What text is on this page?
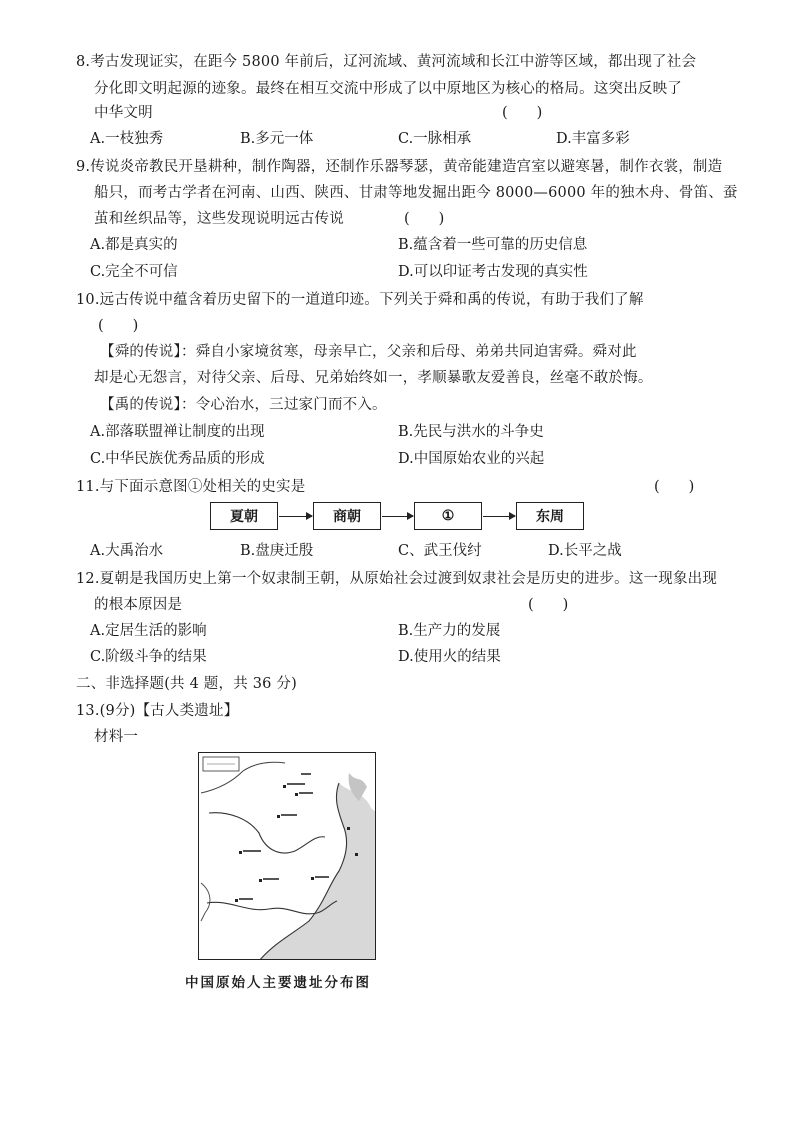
8.考古发现证实，在距今 5800 年前后，辽河流域、黄河流域和长江中游等区域，都出现了社会
分化即文明起源的迹象。最终在相互交流中形成了以中原地区为核心的格局。这突出反映了
中华文明	(　　)
A.一枝独秀	B.多元一体	C.一脉相承	D.丰富多彩
9.传说炎帝教民开垦耕种，制作陶器，还制作乐器琴瑟，黄帝能建造宫室以避寒暑，制作衣裳，制造
船只，而考古学者在河南、山西、陕西、甘肃等地发掘出距今 8000—6000 年的独木舟、骨笛、蚕
茧和丝织品等，这些发现说明远古传说	(　　)
A.都是真实的	B.蕴含着一些可靠的历史信息
C.完全不可信	D.可以印证考古发现的真实性
10.远古传说中蕴含着历史留下的一道道印迹。下列关于舜和禹的传说，有助于我们了解
(　　)
【舜的传说】：舜自小家境贫寒，母亲早亡，父亲和后母、弟弟共同迫害舜。舜对此
却是心无怨言，对待父亲、后母、兄弟始终如一，孝顺暴歌友爱善良，丝毫不敢於悔。
【禹的传说】：令心治水，三过家门而不入。
A.部落联盟禅让制度的出现	B.先民与洪水的斗争史
C.中华民族优秀品质的形成	D.中国原始农业的兴起
11.与下面示意图①处相关的史实是	(　　)
夏朝	商朝	①	东周
A.大禹治水	B.盘庚迁殷	C、武王伐纣	D.长平之战
12.夏朝是我国历史上第一个奴隶制王朝，从原始社会过渡到奴隶社会是历史的进步。这一现象出现
的根本原因是	(　　)
A.定居生活的影响	B.生产力的发展
C.阶级斗争的结果	D.使用火的结果
二、非选择题(共 4 题，共 36 分)
13.(9分)【古人类遗址】
材料一
中国原始人主要遗址分布图
